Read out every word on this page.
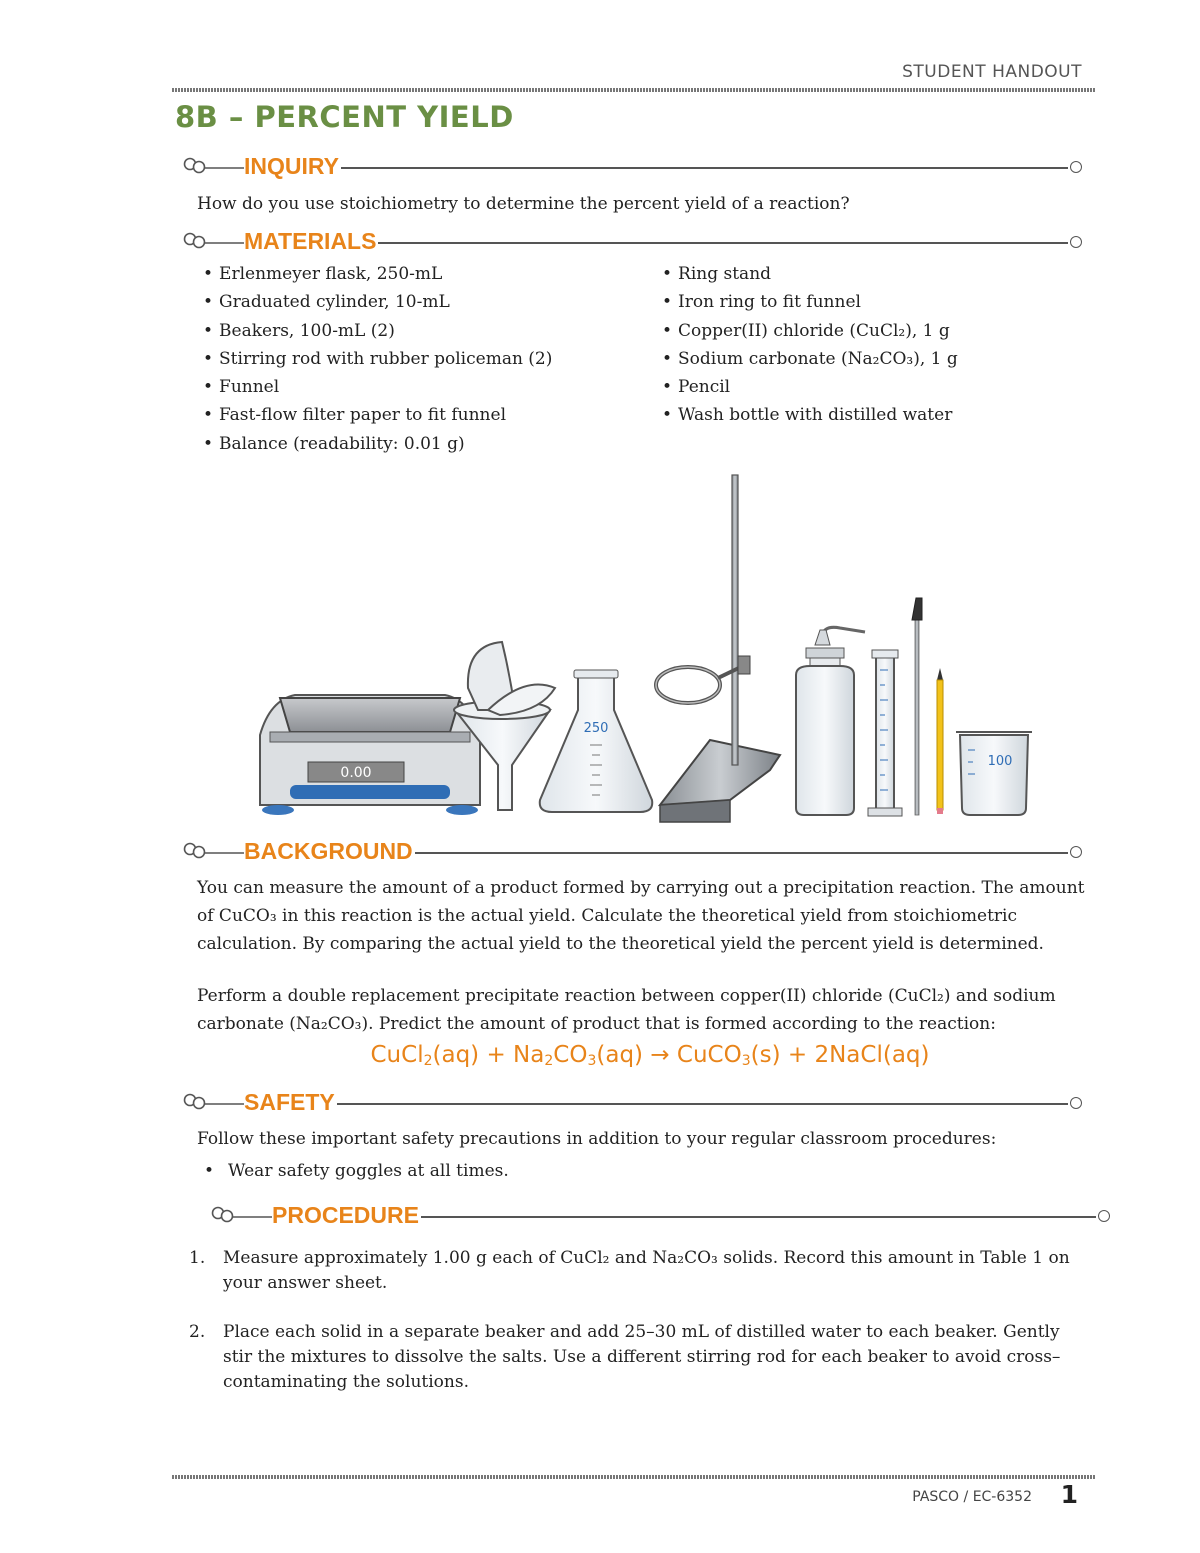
STUDENT HANDOUT
8B – PERCENT YIELD
INQUIRY
How do you use stoichiometry to determine the percent yield of a reaction?
MATERIALS
• Erlenmeyer flask, 250-mL
• Graduated cylinder, 10-mL
• Beakers, 100-mL (2)
• Stirring rod with rubber policeman (2)
• Funnel
• Fast-flow filter paper to fit funnel
• Balance (readability: 0.01 g)
• Ring stand
• Iron ring to fit funnel
• Copper(II) chloride (CuCl₂), 1 g
• Sodium carbonate (Na₂CO₃), 1 g
• Pencil
• Wash bottle with distilled water
0.00
250
100
BACKGROUND
You can measure the amount of a product formed by carrying out a precipitation reaction. The amount of CuCO₃ in this reaction is the actual yield. Calculate the theoretical yield from stoichiometric calculation. By comparing the actual yield to the theoretical yield the percent yield is determined.
Perform a double replacement precipitate reaction between copper(II) chloride (CuCl₂) and sodium carbonate (Na₂CO₃). Predict the amount of product that is formed according to the reaction:
CuCl$_2$(aq) + $Na_2CO_3(aq)$ → CuCO$_3$(s) + 2NaCl(aq)
SAFETY
Follow these important safety precautions in addition to your regular classroom procedures:
• Wear safety goggles at all times.
PROCEDURE
1. Measure approximately 1.00 g each of CuCl₂ and Na₂CO₃ solids. Record this amount in Table 1 on your answer sheet.
2. Place each solid in a separate beaker and add 25–30 mL of distilled water to each beaker. Gently stir the mixtures to dissolve the salts. Use a different stirring rod for each beaker to avoid cross–contaminating the solutions.
PASCO / EC-6352 1
